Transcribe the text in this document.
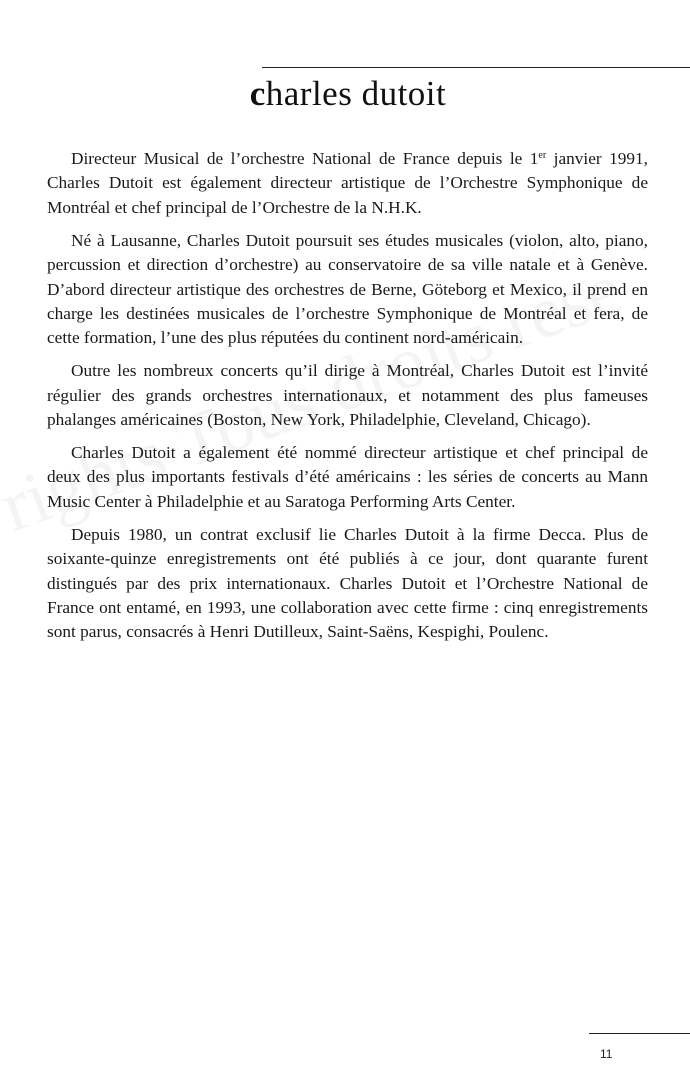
charles dutoit

Directeur Musical de l’orchestre National de France depuis le 1er janvier 1991, Charles Dutoit est également directeur artistique de l’Orchestre Symphonique de Montréal et chef principal de l’Orchestre de la N.H.K.

Né à Lausanne, Charles Dutoit poursuit ses études musicales (violon, alto, piano, percussion et direction d’orchestre) au conservatoire de sa ville natale et à Genève. D’abord directeur artistique des orchestres de Berne, Göteborg et Mexico, il prend en charge les destinées musicales de l’orchestre Symphonique de Montréal et fera, de cette formation, l’une des plus réputées du continent nord-américain.

Outre les nombreux concerts qu’il dirige à Montréal, Charles Dutoit est l’invité régulier des grands orchestres internationaux, et notamment des plus fameuses phalanges américaines (Boston, New York, Philadelphie, Cleveland, Chicago).

Charles Dutoit a également été nommé directeur artistique et chef principal de deux des plus importants festivals d’été américains : les séries de concerts au Mann Music Center à Philadelphie et au Saratoga Performing Arts Center.

Depuis 1980, un contrat exclusif lie Charles Dutoit à la firme Decca. Plus de soixante-quinze enregistrements ont été publiés à ce jour, dont quarante furent distingués par des prix internationaux. Charles Dutoit et l’Orchestre National de France ont entamé, en 1993, une collaboration avec cette firme : cinq enregistrements sont parus, consacrés à Henri Dutilleux, Saint-Saëns, Kespighi, Poulenc.

11
